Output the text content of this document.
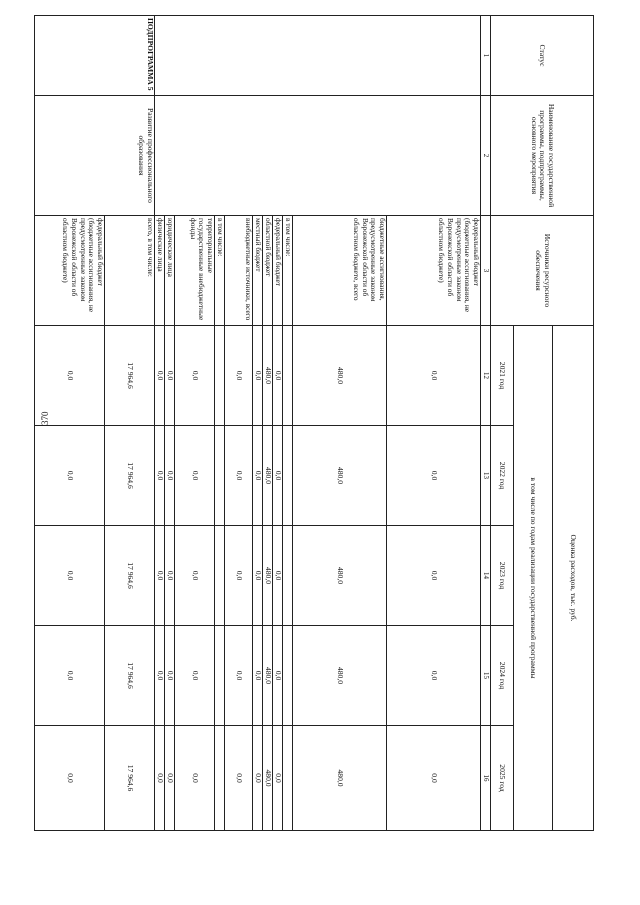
370
Статус	Наименование государственной программы, подпрограммы, основного мероприятия	Источники ресурсного обеспечения	Оценка расходов, тыс. руб.				
			в том числе по годам реализации государственной программы				
			2021 год	2022 год	2023 год	2024 год	2025 год
1	2	3	12	13	14	15	16
		федеральный бюджет (бюджетные ассигнования, не предусмотренные законом Воронежской области об областном бюджете)	0,0	0,0	0,0	0,0	0,0
		бюджетные ассигнования, предусмотренные законом Воронежской области об областном бюджете, всего	480,0	480,0	480,0	480,0	480,0
		в том числе:					
		федеральный бюджет	0,0	0,0	0,0	0,0	0,0
		областной бюджет	480,0	480,0	480,0	480,0	480,0
		местный бюджет	0,0	0,0	0,0	0,0	0,0
		внебюджетные источники, всего	0,0	0,0	0,0	0,0	0,0
		в том числе:					
		территориальные государственные внебюджетные фонды	0,0	0,0	0,0	0,0	0,0
		юридические лица	0,0	0,0	0,0	0,0	0,0
		физические лица	0,0	0,0	0,0	0,0	0,0
ПОДПРОГРАММА 5	Развитие профессионального образования	всего, в том числе:	17 964,6	17 964,6	17 964,6	17 964,6	17 964,6
		федеральный бюджет (бюджетные ассигнования, не предусмотренные законом Воронежской области об областном бюджете)	0,0	0,0	0,0	0,0	0,0
